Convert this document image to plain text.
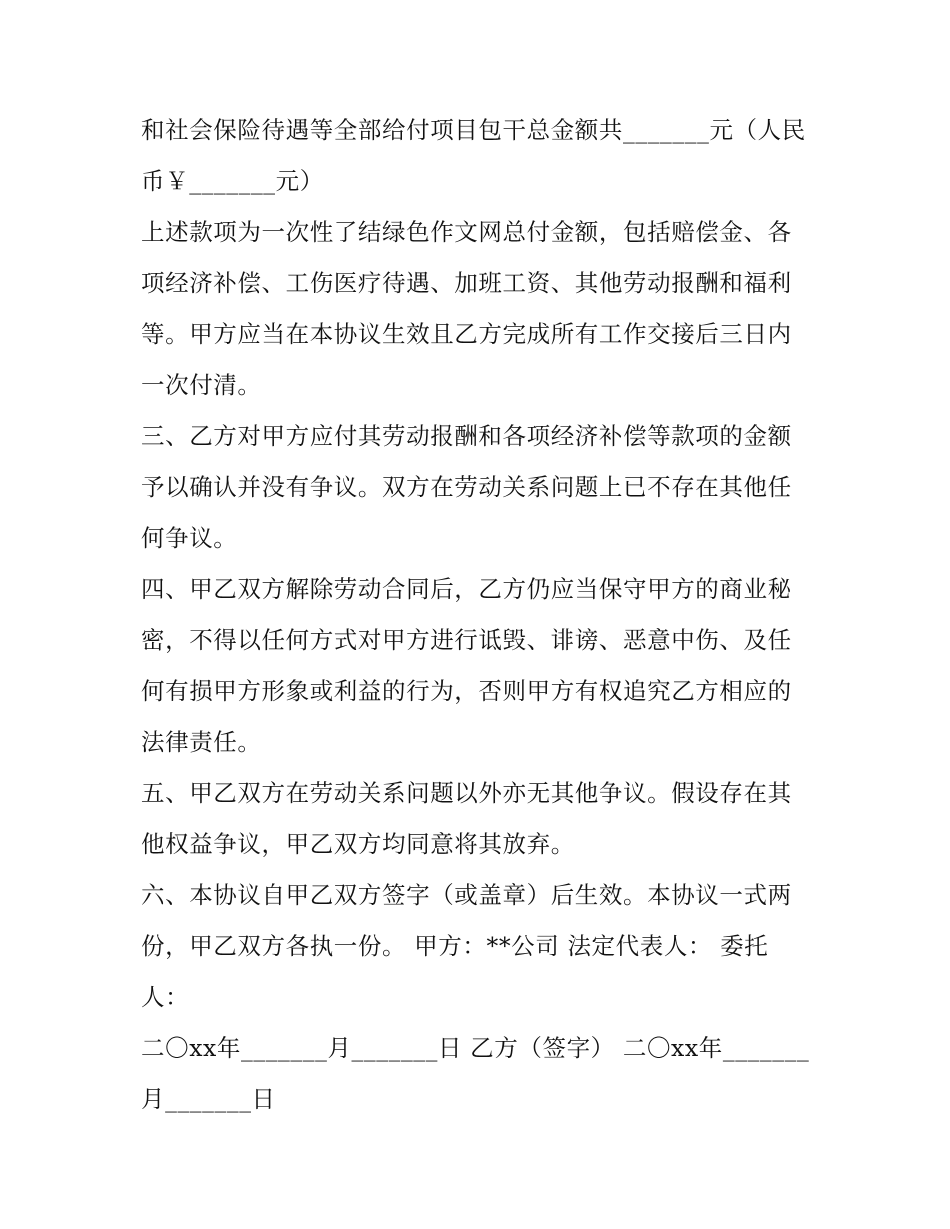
和社会保险待遇等全部给付项目包干总金额共_______元（人民币￥_______元）

上述款项为一次性了结绿色作文网总付金额，包括赔偿金、各项经济补偿、工伤医疗待遇、加班工资、其他劳动报酬和福利等。甲方应当在本协议生效且乙方完成所有工作交接后三日内一次付清。

三、乙方对甲方应付其劳动报酬和各项经济补偿等款项的金额予以确认并没有争议。双方在劳动关系问题上已不存在其他任何争议。

四、甲乙双方解除劳动合同后，乙方仍应当保守甲方的商业秘密，不得以任何方式对甲方进行诋毁、诽谤、恶意中伤、及任何有损甲方形象或利益的行为，否则甲方有权追究乙方相应的法律责任。

五、甲乙双方在劳动关系问题以外亦无其他争议。假设存在其他权益争议，甲乙双方均同意将其放弃。

六、本协议自甲乙双方签字（或盖章）后生效。本协议一式两份，甲乙双方各执一份。 甲方：**公司 法定代表人： 委托人：

二〇xx年_______月_______日 乙方（签字） 二〇xx年_______月_______日
